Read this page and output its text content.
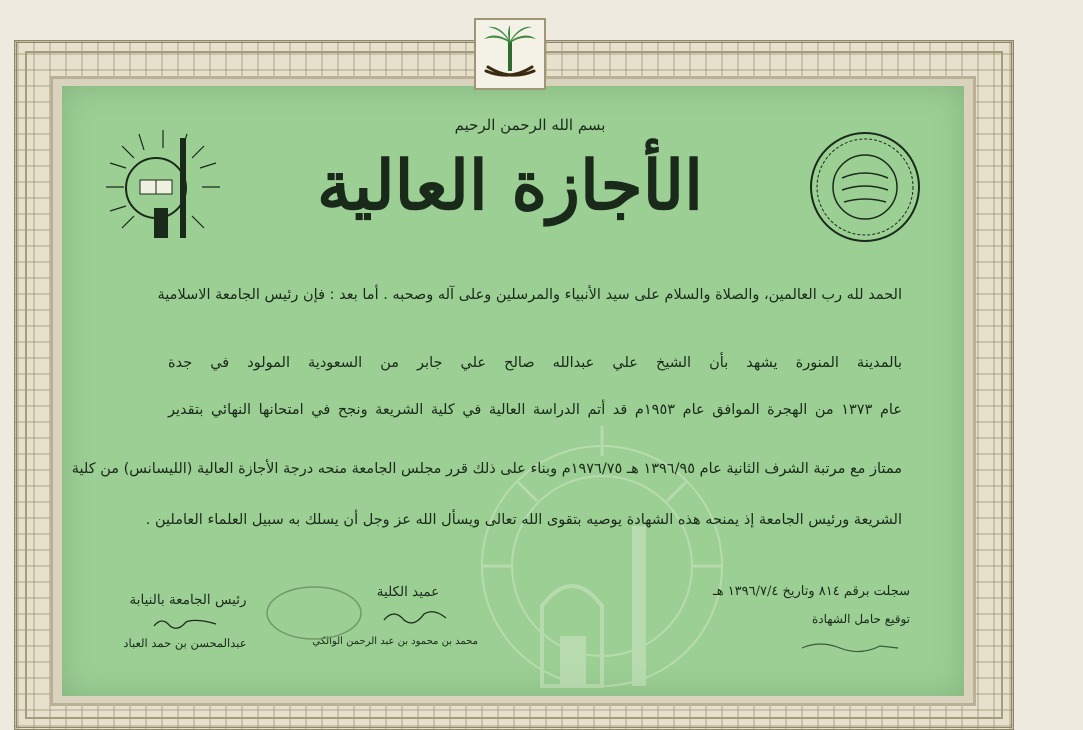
بسم الله الرحمن الرحيم
الأجازة العالية
الحمد لله رب العالمين، والصلاة والسلام على سيد الأنبياء والمرسلين وعلى آله وصحبه . أما بعد : فإن رئيس الجامعة الاسلامية
بالمدينة المنورة يشهد بأن الشيخ علي عبدالله صالح علي جابر من السعودية المولود في جدة
عام ١٣٧٣ من الهجرة الموافق عام ١٩٥٣م قد أتم الدراسة العالية في كلية الشريعة ونجح في امتحانها النهائي بتقدير
ممتاز مع مرتبة الشرف الثانية عام ١٣٩٦/٩٥ هـ ١٩٧٦/٧٥م وبناء على ذلك قرر مجلس الجامعة منحه درجة الأجازة العالية (الليسانس) من كلية
الشريعة ورئيس الجامعة إذ يمنحه هذه الشهادة يوصيه بتقوى الله تعالى ويسأل الله عز وجل أن يسلك به سبيل العلماء العاملين .
سجلت برقم ٨١٤ وتاريخ ١٣٩٦/٧/٤ هـ
توقيع حامل الشهادة
عميد الكلية
محمد بن محمود بن عبد الرحمن الوالكي
رئيس الجامعة بالنيابة
عبدالمحسن بن حمد العباد
